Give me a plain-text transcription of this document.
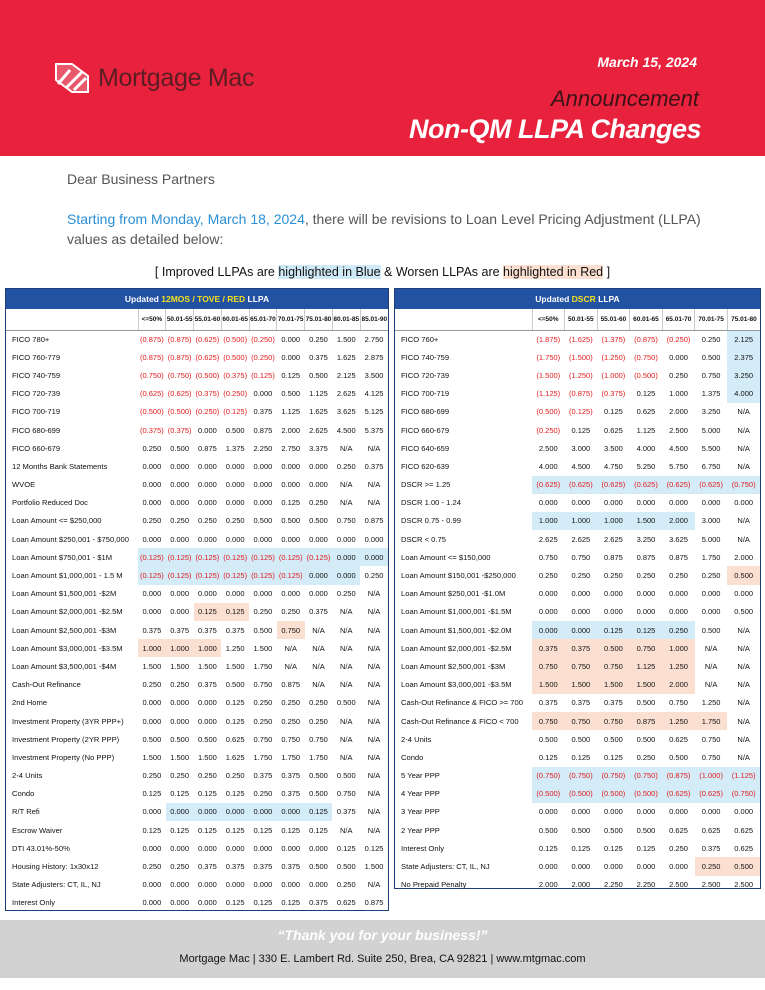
Mortgage Mac
March 15, 2024
Announcement
Non-QM LLPA Changes
Dear Business Partners
Starting from Monday, March 18, 2024, there will be revisions to Loan Level Pricing Adjustment (LLPA) values as detailed below:
[ Improved LLPAs are highlighted in Blue & Worsen LLPAs are highlighted in Red ]
Updated 12MOS / TOVE / RED LLPA									
	<=50%	50.01-55	55.01-60	60.01-65	65.01-70	70.01-75	75.01-80	80.01-85	85.01-90
FICO 780+	(0.875)	(0.875)	(0.625)	(0.500)	(0.250)	0.000	0.250	1.500	2.750
FICO 760-779	(0.875)	(0.875)	(0.625)	(0.500)	(0.250)	0.000	0.375	1.625	2.875
FICO 740-759	(0.750)	(0.750)	(0.500)	(0.375)	(0.125)	0.125	0.500	2.125	3.500
FICO 720-739	(0.625)	(0.625)	(0.375)	(0.250)	0.000	0.500	1.125	2.625	4.125
FICO 700-719	(0.500)	(0.500)	(0.250)	(0.125)	0.375	1.125	1.625	3.625	5.125
FICO 680-699	(0.375)	(0.375)	0.000	0.500	0.875	2.000	2.625	4.500	5.375
FICO 660-679	0.250	0.500	0.875	1.375	2.250	2.750	3.375	N/A	N/A
12 Months Bank Statements	0.000	0.000	0.000	0.000	0.000	0.000	0.000	0.250	0.375
WVOE	0.000	0.000	0.000	0.000	0.000	0.000	0.000	N/A	N/A
Portfolio Reduced Doc	0.000	0.000	0.000	0.000	0.000	0.125	0.250	N/A	N/A
Loan Amount <= $250,000	0.250	0.250	0.250	0.250	0.500	0.500	0.500	0.750	0.875
Loan Amount $250,001 - $750,000	0.000	0.000	0.000	0.000	0.000	0.000	0.000	0.000	0.000
Loan Amount $750,001 - $1M	(0.125)	(0.125)	(0.125)	(0.125)	(0.125)	(0.125)	(0.125)	0.000	0.000
Loan Amount $1,000,001 - 1.5 M	(0.125)	(0.125)	(0.125)	(0.125)	(0.125)	(0.125)	0.000	0.000	0.250
Loan Amount $1,500,001 -$2M	0.000	0.000	0.000	0.000	0.000	0.000	0.000	0.250	N/A
Loan Amount $2,000,001 -$2.5M	0.000	0.000	0.125	0.125	0.250	0.250	0.375	N/A	N/A
Loan Amount $2,500,001 -$3M	0.375	0.375	0.375	0.375	0.500	0.750	N/A	N/A	N/A
Loan Amount $3,000,001 -$3.5M	1.000	1.000	1.000	1.250	1.500	N/A	N/A	N/A	N/A
Loan Amount $3,500,001 -$4M	1.500	1.500	1.500	1.500	1.750	N/A	N/A	N/A	N/A
Cash-Out Refinance	0.250	0.250	0.375	0.500	0.750	0.875	N/A	N/A	N/A
2nd Home	0.000	0.000	0.000	0.125	0.250	0.250	0.250	0.500	N/A
Investment Property (3YR PPP+)	0.000	0.000	0.000	0.125	0.250	0.250	0.250	N/A	N/A
Investment Property (2YR PPP)	0.500	0.500	0.500	0.625	0.750	0.750	0.750	N/A	N/A
Investment Property (No PPP)	1.500	1.500	1.500	1.625	1.750	1.750	1.750	N/A	N/A
2-4 Units	0.250	0.250	0.250	0.250	0.375	0.375	0.500	0.500	N/A
Condo	0.125	0.125	0.125	0.125	0.250	0.375	0.500	0.750	N/A
R/T Refi	0.000	0.000	0.000	0.000	0.000	0.000	0.125	0.375	N/A
Escrow Waiver	0.125	0.125	0.125	0.125	0.125	0.125	0.125	N/A	N/A
DTI 43.01%-50%	0.000	0.000	0.000	0.000	0.000	0.000	0.000	0.125	0.125
Housing History: 1x30x12	0.250	0.250	0.375	0.375	0.375	0.375	0.500	0.500	1.500
State Adjusters: CT, IL, NJ	0.000	0.000	0.000	0.000	0.000	0.000	0.000	0.250	N/A
Interest Only	0.000	0.000	0.000	0.125	0.125	0.125	0.375	0.625	0.875
Updated DSCR LLPA							
	<=50%	50.01-55	55.01-60	60.01-65	65.01-70	70.01-75	75.01-80
FICO 760+	(1.875)	(1.625)	(1.375)	(0.875)	(0.250)	0.250	2.125
FICO 740-759	(1.750)	(1.500)	(1.250)	(0.750)	0.000	0.500	2.375
FICO 720-739	(1.500)	(1.250)	(1.000)	(0.500)	0.250	0.750	3.250
FICO 700-719	(1.125)	(0.875)	(0.375)	0.125	1.000	1.375	4.000
FICO 680-699	(0.500)	(0.125)	0.125	0.625	2.000	3.250	N/A
FICO 660-679	(0.250)	0.125	0.625	1.125	2.500	5.000	N/A
FICO 640-659	2.500	3.000	3.500	4.000	4.500	5.500	N/A
FICO 620-639	4.000	4.500	4.750	5.250	5.750	6.750	N/A
DSCR >= 1.25	(0.625)	(0.625)	(0.625)	(0.625)	(0.625)	(0.625)	(0.750)
DSCR 1.00 - 1.24	0.000	0.000	0.000	0.000	0.000	0.000	0.000
DSCR 0.75 - 0.99	1.000	1.000	1.000	1.500	2.000	3.000	N/A
DSCR < 0.75	2.625	2.625	2.625	3.250	3.625	5.000	N/A
Loan Amount <= $150,000	0.750	0.750	0.875	0.875	0.875	1.750	2.000
Loan Amount $150,001 -$250,000	0.250	0.250	0.250	0.250	0.250	0.250	0.500
Loan Amount $250,001 -$1.0M	0.000	0.000	0.000	0.000	0.000	0.000	0.000
Loan Amount $1,000,001 -$1.5M	0.000	0.000	0.000	0.000	0.000	0.000	0.500
Loan Amount $1,500,001 -$2.0M	0.000	0.000	0.125	0.125	0.250	0.500	N/A
Loan Amount $2,000,001 -$2.5M	0.375	0.375	0.500	0.750	1.000	N/A	N/A
Loan Amount $2,500,001 -$3M	0.750	0.750	0.750	1.125	1.250	N/A	N/A
Loan Amount $3,000,001 -$3.5M	1.500	1.500	1.500	1.500	2.000	N/A	N/A
Cash-Out Refinance & FICO >= 700	0.375	0.375	0.375	0.500	0.750	1.250	N/A
Cash-Out Refinance & FICO < 700	0.750	0.750	0.750	0.875	1.250	1.750	N/A
2-4 Units	0.500	0.500	0.500	0.500	0.625	0.750	N/A
Condo	0.125	0.125	0.125	0.250	0.500	0.750	N/A
5 Year PPP	(0.750)	(0.750)	(0.750)	(0.750)	(0.875)	(1.000)	(1.125)
4 Year PPP	(0.500)	(0.500)	(0.500)	(0.500)	(0.625)	(0.625)	(0.750)
3 Year PPP	0.000	0.000	0.000	0.000	0.000	0.000	0.000
2 Year PPP	0.500	0.500	0.500	0.500	0.625	0.625	0.625
Interest Only	0.125	0.125	0.125	0.125	0.250	0.375	0.625
State Adjusters: CT, IL, NJ	0.000	0.000	0.000	0.000	0.000	0.250	0.500
No Prepaid Penalty	2.000	2.000	2.250	2.250	2.500	2.500	2.500
“Thank you for your business!”
Mortgage Mac | 330 E. Lambert Rd. Suite 250, Brea, CA 92821 | www.mtgmac.com
